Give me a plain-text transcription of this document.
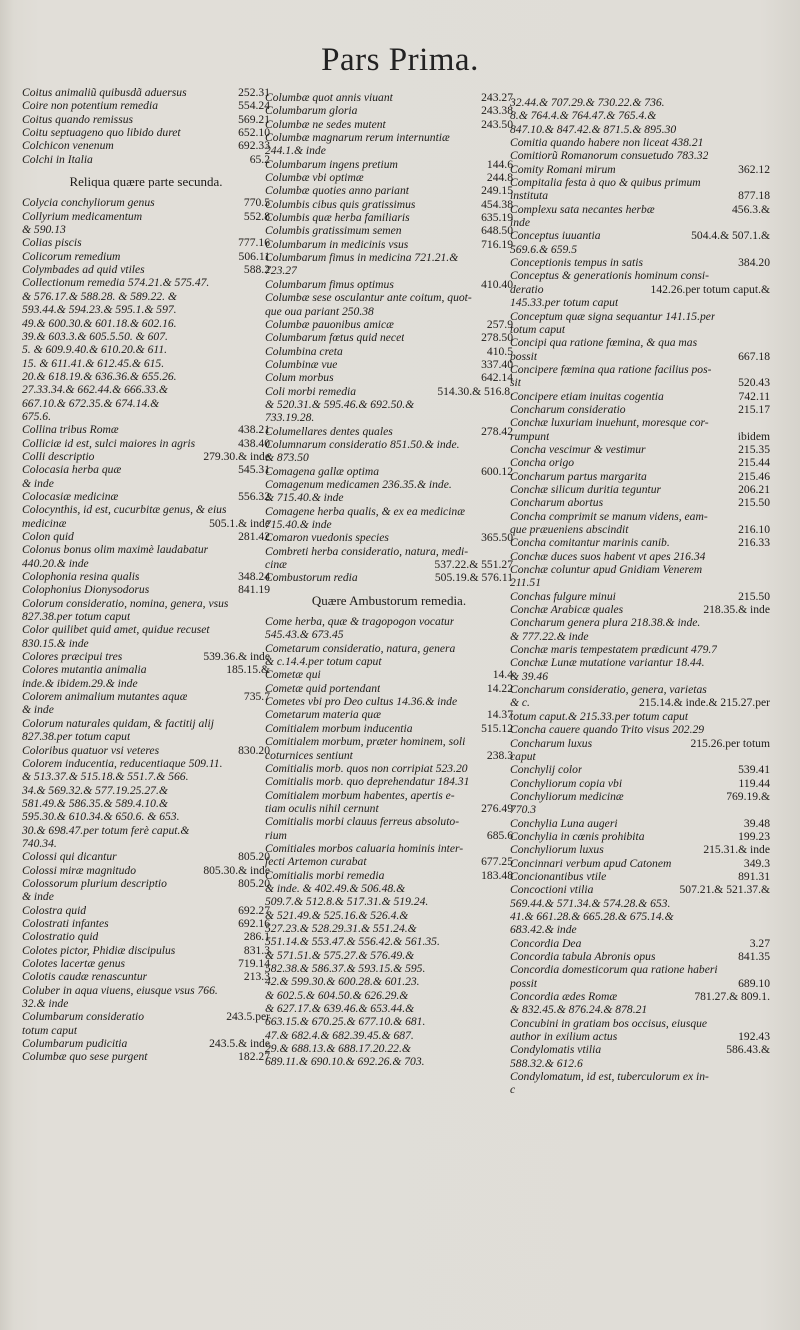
Pars Prima.
Coitus animaliũ quibusdã aduersus	252.31
Coire non potentium remedia	554.24
Coitus quando remissus	569.21
Coitu septuageno quo libido duret	652.10
Colchicon venenum	692.33
Colchi in Italia	65.2
Reliqua quære parte secunda.
Colycia conchyliorum genus	770.5
Collyrium medicamentum	552.8
& 590.13
Colias piscis	777.16
Colicorum remedium	506.11
Colymbades ad quid vtiles	588.2
Collectionum remedia 574.21.& 575.47.
& 576.17.& 588.28. & 589.22. &
593.44.& 594.23.& 595.1.& 597.
49.& 600.30.& 601.18.& 602.16.
39.& 603.3.& 605.5.50. & 607.
5. & 609.9.40.& 610.20.& 611.
15. & 611.41.& 612.45.& 615.
20.& 618.19.& 636.36.& 655.26.
27.33.34.& 662.44.& 666.33.&
667.10.& 672.35.& 674.14.&
675.6.
Collina tribus Romæ	438.21
Colliciæ id est, sulci maiores in agris	438.40
Colli descriptio	279.30.& inde
Colocasia herba quæ	545.31
& inde
Colocasiæ medicinæ	556.32
Colocynthis, id est, cucurbitæ genus, & eius
medicinæ	505.1.& inde
Colon quid	281.42
Colonus bonus olim maximè laudabatur
440.20.& inde
Colophonia resina qualis	348.24
Colophonius Dionysodorus	841.19
Colorum consideratio, nomina, genera, vsus
827.38.per totum caput
Color quilibet quid amet, quidue recuset
830.15.& inde
Colores præcipui tres	539.36.& inde
Colores mutantia animalia	185.15.&
inde.& ibidem.29.& inde
Colorem animalium mutantes aquæ	735.7
& inde
Colorum naturales quidam, & factitij alij
827.38.per totum caput
Coloribus quatuor vsi veteres	830.20
Colorem inducentia, reducentiaque 509.11.
& 513.37.& 515.18.& 551.7.& 566.
34.& 569.32.& 577.19.25.27.&
581.49.& 586.35.& 589.4.10.&
595.30.& 610.34.& 650.6. & 653.
30.& 698.47.per totum ferè caput.&
740.34.
Colossi qui dicantur	805.20
Colossi miræ magnitudo	805.30.& inde
Colossorum plurium descriptio	805.20
& inde
Colostra quid	692.27
Colostrati infantes	692.16
Colostratio quid	286.1
Colotes pictor, Phidiæ discipulus	831.3
Colotes lacertæ genus	719.14
Colotis caudæ renascuntur	213.3
Coluber in aqua viuens, eiusque vsus 766.
32.& inde
Columbarum consideratio	243.5.per
totum caput
Columbarum pudicitia	243.5.& inde
Columbæ quo sese purgent	182.27
Columbæ quot annis viuant	243.27
Columbarum gloria	243.38
Columbæ ne sedes mutent	243.50
Columbæ magnarum rerum internuntiæ
244.1.& inde
Columbarum ingens pretium	144.6
Columbæ vbi optimæ	244.8
Columbæ quoties anno pariant	249.15
Columbis cibus quis gratissimus	454.38
Columbis quæ herba familiaris	635.19
Columbis gratissimum semen	648.50
Columbarum in medicinis vsus	716.19
Columbarum fimus in medicina 721.21.&
723.27
Columbarum fimus optimus	410.40
Columbæ sese osculantur ante coitum, quot-
que oua pariant 250.38
Columbæ pauonibus amicæ	257.9
Columbarum fœtus quid necet	278.50
Columbina creta	410.5
Columbinæ vue	337.40
Colum morbus	642.14
Coli morbi remedia	514.30.& 516.8.
& 520.31.& 595.46.& 692.50.&
733.19.28.
Columellares dentes quales	278.42
Columnarum consideratio 851.50.& inde.
& 873.50
Comagena gallæ optima	600.12
Comagenum medicamen 236.35.& inde.
& 715.40.& inde
Comagene herba qualis, & ex ea medicinæ
715.40.& inde
Comaron vuedonis species	365.50
Combreti herba consideratio, natura, medi-
cinæ	537.22.& 551.27
Combustorum redia	505.19.& 576.11
Quære Ambustorum remedia.
Come herba, quæ & tragopogon vocatur
545.43.& 673.45
Cometarum consideratio, natura, genera
& c.14.4.per totum caput
Cometæ qui	14.4
Cometæ quid portendant	14.22
Cometes vbi pro Deo cultus 14.36.& inde
Cometarum materia quæ	14.37
Comitialem morbum inducentia	515.12
Comitialem morbum, præter hominem, soli
coturnices sentiunt	238.3
Comitialis morb. quos non corripiat 523.20
Comitialis morb. quo deprehendatur 184.31
Comitialem morbum habentes, apertis e-
tiam oculis nihil cernunt	276.49
Comitialis morbi clauus ferreus absoluto-
rium	685.6
Comitiales morbos caluaria hominis inter-
fecti Artemon curabat	677.25
Comitialis morbi remedia	183.48
& inde. & 402.49.& 506.48.&
509.7.& 512.8.& 517.31.& 519.24.
& 521.49.& 525.16.& 526.4.&
527.23.& 528.29.31.& 551.24.&
551.14.& 553.47.& 556.42.& 561.35.
& 571.51.& 575.27.& 576.49.&
582.38.& 586.37.& 593.15.& 595.
42.& 599.30.& 600.28.& 601.23.
& 602.5.& 604.50.& 626.29.&
& 627.17.& 639.46.& 653.44.&
663.15.& 670.25.& 677.10.& 681.
47.& 682.4.& 682.39.45.& 687.
29.& 688.13.& 688.17.20.22.&
689.11.& 690.10.& 692.26.& 703.
32.44.& 707.29.& 730.22.& 736.
8.& 764.4.& 764.47.& 765.4.&
847.10.& 847.42.& 871.5.& 895.30
Comitia quando habere non liceat 438.21
Comitiorũ Romanorum consuetudo 783.32
Comity Romani mirum	362.12
Compitalia festa à quo & quibus primum
instituta	877.18
Complexu sata necantes herbæ	456.3.&
inde
Conceptus iuuantia	504.4.& 507.1.&
569.6.& 659.5
Conceptionis tempus in satis	384.20
Conceptus & generationis hominum consi-
deratio	142.26.per totum caput.&
145.33.per totum caput
Conceptum quæ signa sequantur 141.15.per
totum caput
Concipi qua ratione fœmina, & qua mas
possit	667.18
Concipere fœmina qua ratione facilius pos-
sit	520.43
Concipere etiam inuitas cogentia	742.11
Concharum consideratio	215.17
Conchæ luxuriam inuehunt, moresque cor-
rumpunt	ibidem
Concha vescimur & vestimur	215.35
Concha origo	215.44
Concharum partus margarita	215.46
Conchæ silicum duritia teguntur	206.21
Concharum abortus	215.50
Concha comprimit se manum videns, eam-
que præueniens abscindit	216.10
Concha comitantur marinis canib.	216.33
Conchæ duces suos habent vt apes 216.34
Conchæ coluntur apud Gnidiam Venerem
211.51
Conchas fulgure minui	215.50
Conchæ Arabicæ quales	218.35.& inde
Concharum genera plura 218.38.& inde.
& 777.22.& inde
Conchæ maris tempestatem prædicunt 479.7
Conchæ Lunæ mutatione variantur 18.44.
& 39.46
Concharum consideratio, genera, varietas
& c.	215.14.& inde.& 215.27.per
totum caput.& 215.33.per totum caput
Concha cauere quando Trito visus 202.29
Concharum luxus	215.26.per totum
caput
Conchylij color	539.41
Conchyliorum copia vbi	119.44
Conchyliorum medicinæ	769.19.&
770.3
Conchylia Luna augeri	39.48
Conchylia in cœnis prohibita	199.23
Conchyliorum luxus	215.31.& inde
Concinnari verbum apud Catonem	349.3
Concionantibus vtile	891.31
Concoctioni vtilia	507.21.& 521.37.&
569.44.& 571.34.& 574.28.& 653.
41.& 661.28.& 665.28.& 675.14.&
683.42.& inde
Concordia Dea	3.27
Concordia tabula Abronis opus	841.35
Concordia domesticorum qua ratione haberi
possit	689.10
Concordia ædes Romæ	781.27.& 809.1.
& 832.45.& 876.24.& 878.21
Concubini in gratiam bos occisus, eiusque
author in exilium actus	192.43
Condylomatis vtilia	586.43.&
588.32.& 612.6
Condylomatum, id est, tuberculorum ex in-
c
